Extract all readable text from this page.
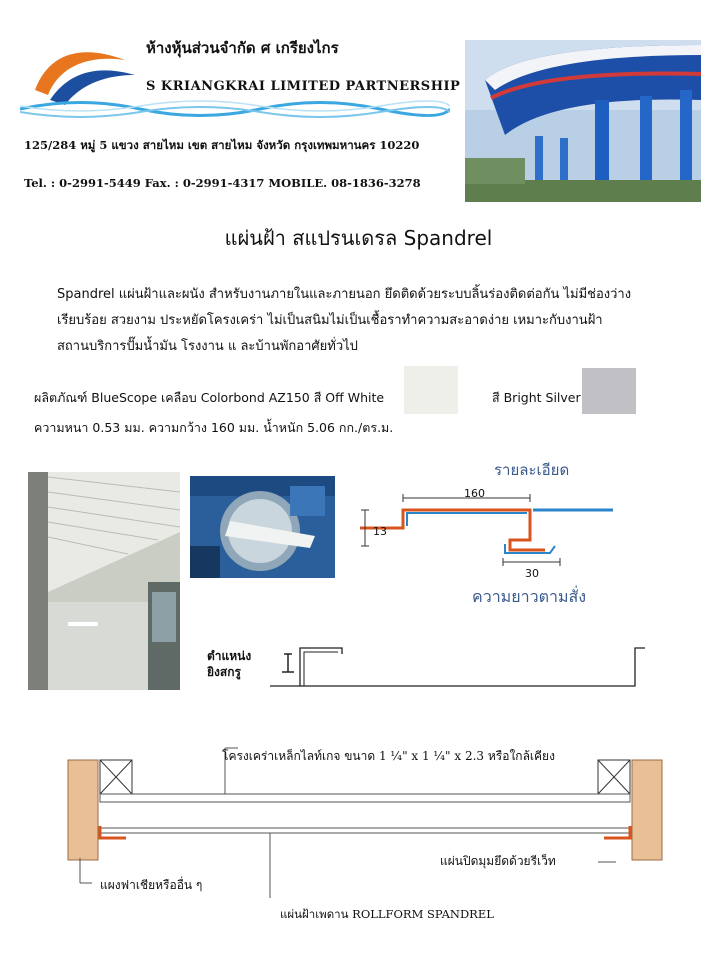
ห้างหุ้นส่วนจำกัด ศ เกรียงไกร
S KRIANGKRAI LIMITED PARTNERSHIP
125/284 หมู่ 5 แขวง สายไหม เขต สายไหม จังหวัด กรุงเทพมหานคร 10220
Tel. : 0-2991-5449 Fax. : 0-2991-4317 MOBILE. 08-1836-3278
แผ่นฝ้า สแปรนเดรล Spandrel
Spandrel แผ่นฝ้าและผนัง สำหรับงานภายในและภายนอก ยึดติดด้วยระบบลิ้นร่องติดต่อกัน ไม่มีช่องว่าง
เรียบร้อย สวยงาม ประหยัดโครงเคร่า ไม่เป็นสนิมไม่เป็นเชื้อราทำความสะอาดง่าย เหมาะกับงานฝ้า
สถานบริการปั๊มน้ำมัน โรงงาน แ ละบ้านพักอาศัยทั่วไป
ผลิตภัณฑ์ BlueScope เคลือบ Colorbond AZ150 สี Off White	สี Bright Silver
ความหนา 0.53 มม. ความกว้าง 160 มม. น้ำหนัก 5.06 กก./ตร.ม.
รายละเอียด
160
13
30
ความยาวตามสั่ง
ตำแหน่ง
ยิงสกรู
โครงเคร่าเหล็กไลท์เกจ ขนาด 1 ¼" x 1 ¼" x 2.3 หรือใกล้เคียง
แผงฟาเชียหรืออื่น ๆ
แผ่นปิดมุมยึดด้วยรีเว็ท
แผ่นฝ้าเพดาน ROLLFORM SPANDREL
